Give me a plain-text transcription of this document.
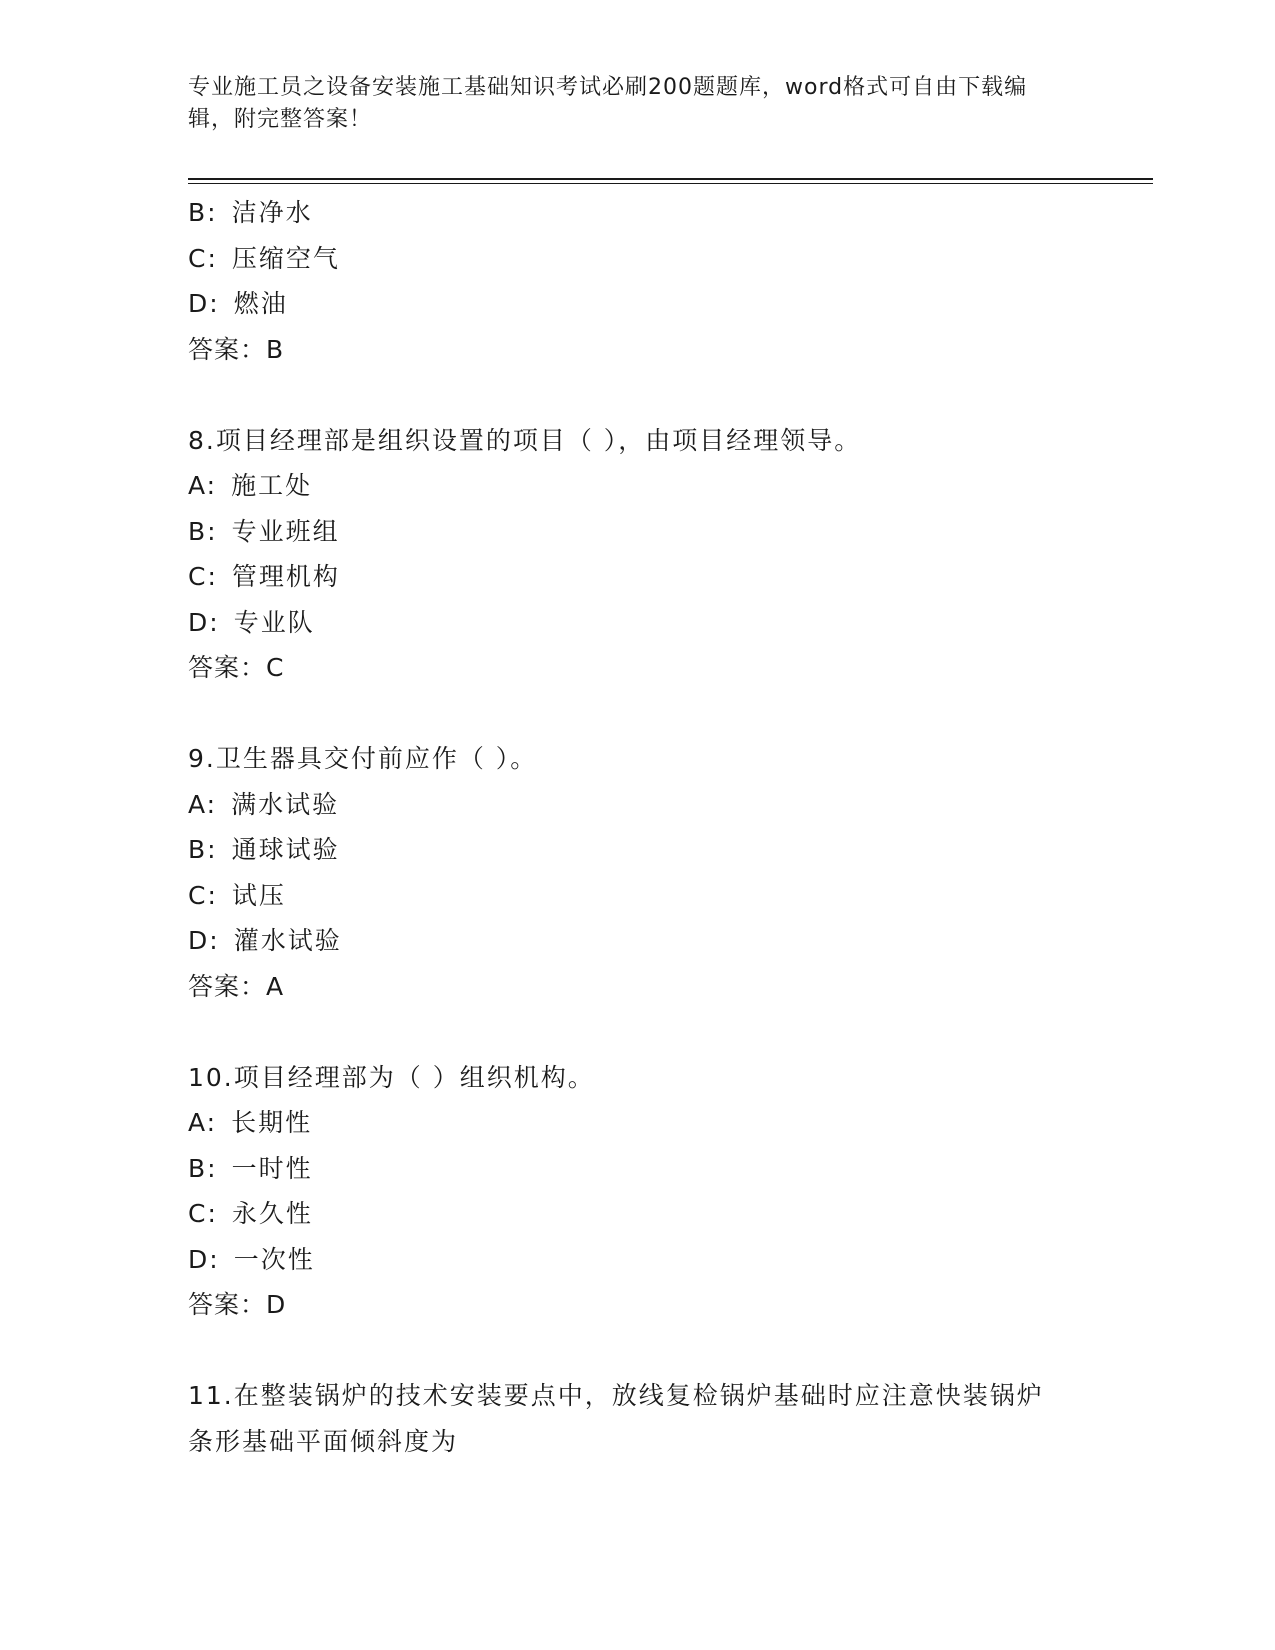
专业施工员之设备安装施工基础知识考试必刷200题题库，word格式可自由下载编辑，附完整答案！
B: 洁净水
C: 压缩空气
D: 燃油
答案：B
8.项目经理部是组织设置的项目（ ），由项目经理领导。
A: 施工处
B: 专业班组
C: 管理机构
D: 专业队
答案：C
9.卫生器具交付前应作（ ）。
A: 满水试验
B: 通球试验
C: 试压
D: 灌水试验
答案：A
10.项目经理部为（ ）组织机构。
A: 长期性
B: 一时性
C: 永久性
D: 一次性
答案：D
11.在整装锅炉的技术安装要点中，放线复检锅炉基础时应注意快装锅炉条形基础平面倾斜度为
